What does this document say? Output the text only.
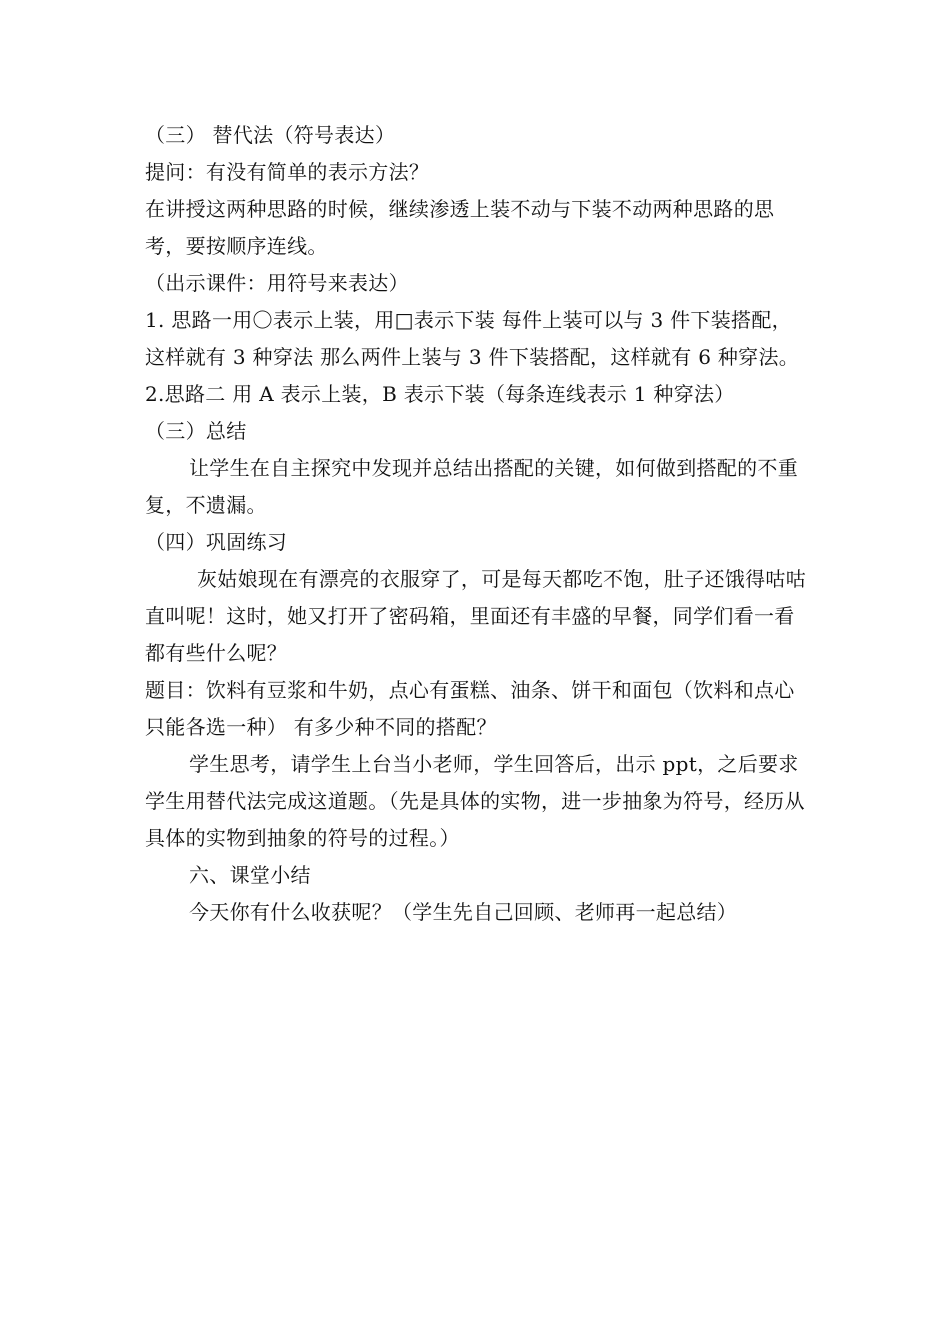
（三） 替代法（符号表达）

提问：有没有简单的表示方法？

在讲授这两种思路的时候，继续渗透上装不动与下装不动两种思路的思考，要按顺序连线。

（出示课件：用符号来表达）

1. 思路一用〇表示上装，用□表示下装 每件上装可以与 3 件下装搭配，这样就有 3 种穿法 那么两件上装与 3 件下装搭配，这样就有 6 种穿法。

2.思路二 用 A 表示上装，B 表示下装（每条连线表示 1 种穿法）

（三）总结

让学生在自主探究中发现并总结出搭配的关键，如何做到搭配的不重复，不遗漏。

（四）巩固练习

灰姑娘现在有漂亮的衣服穿了，可是每天都吃不饱，肚子还饿得咕咕直叫呢！这时，她又打开了密码箱，里面还有丰盛的早餐，同学们看一看都有些什么呢？

题目：饮料有豆浆和牛奶，点心有蛋糕、油条、饼干和面包（饮料和点心只能各选一种） 有多少种不同的搭配？

学生思考，请学生上台当小老师，学生回答后，出示 ppt，之后要求学生用替代法完成这道题。（先是具体的实物，进一步抽象为符号，经历从具体的实物到抽象的符号的过程。）

六、课堂小结

今天你有什么收获呢？（学生先自己回顾、老师再一起总结）
